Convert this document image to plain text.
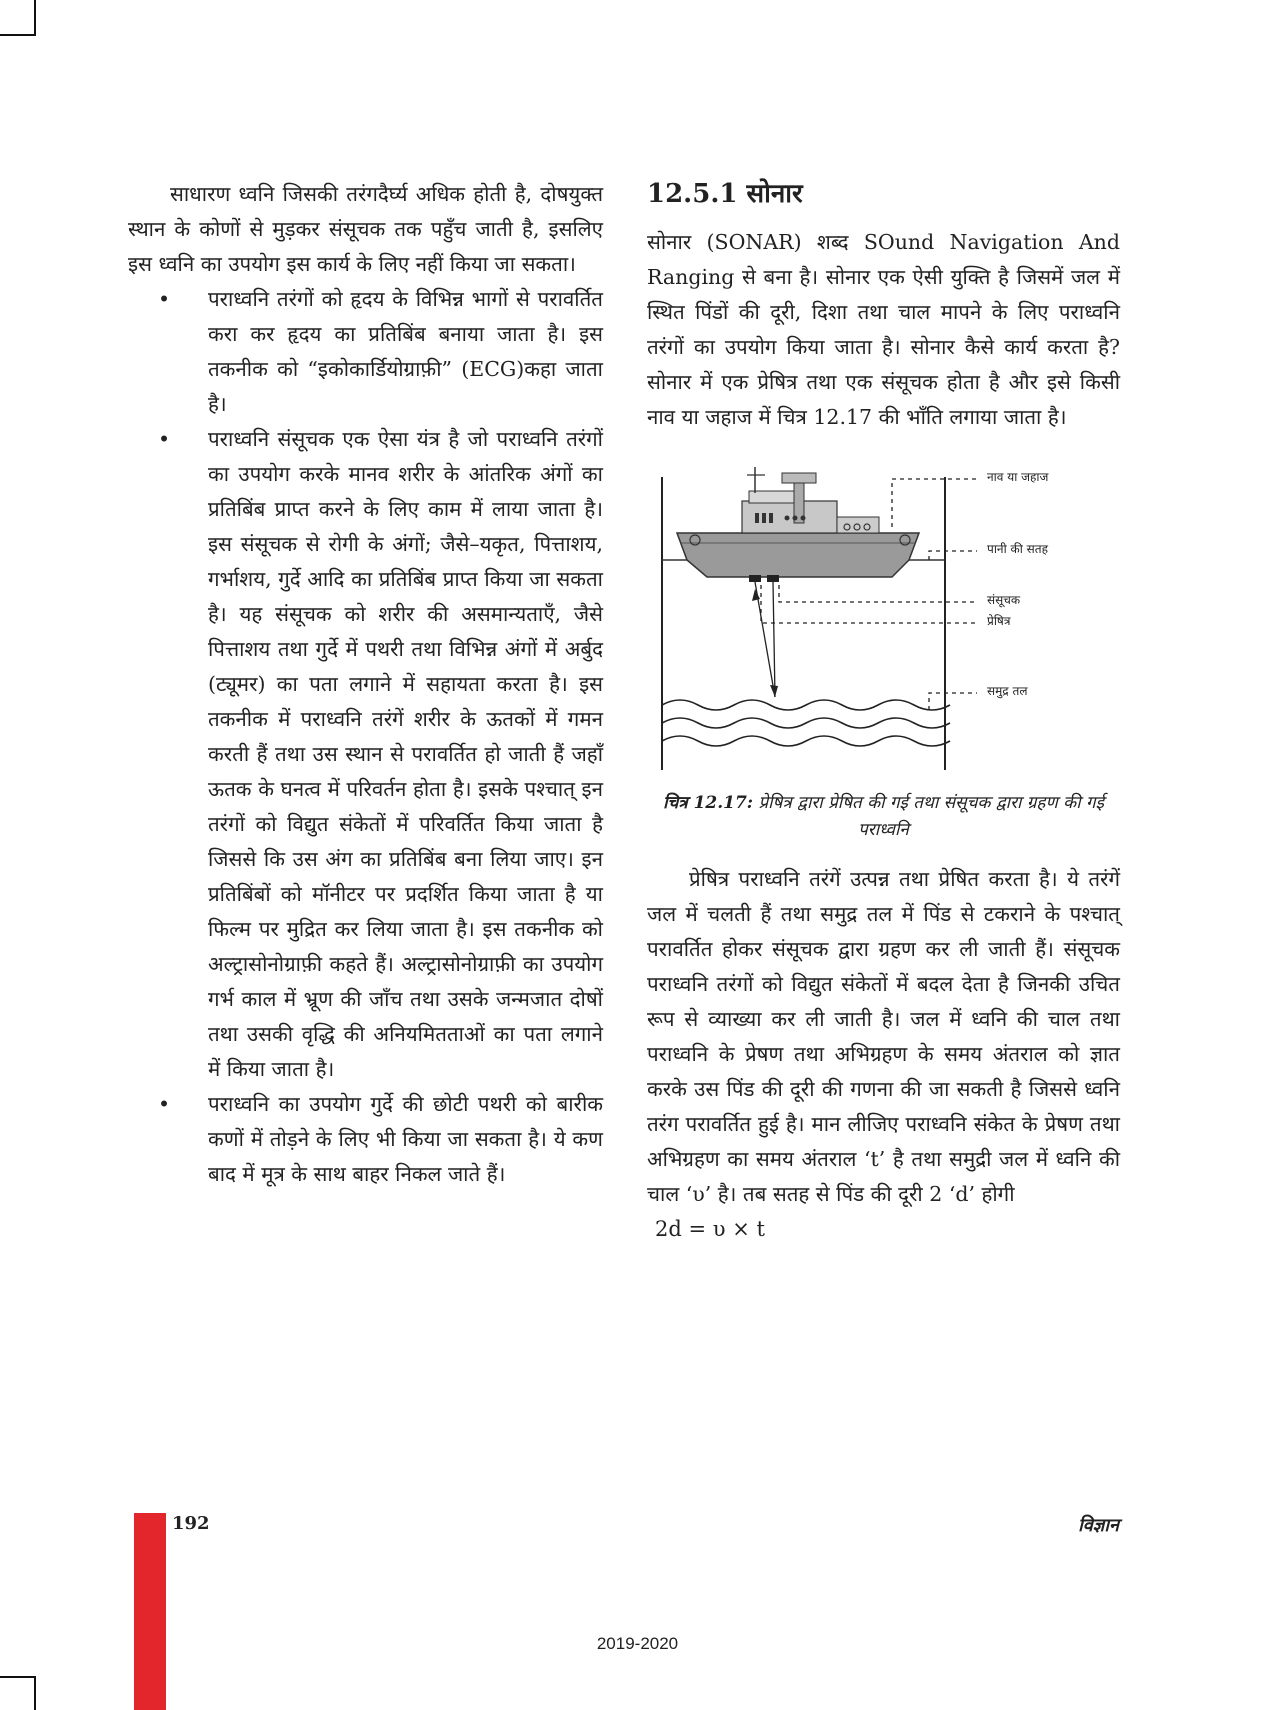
साधारण ध्वनि जिसकी तरंगदैर्घ्य अधिक होती है, दोषयुक्त स्थान के कोणों से मुड़कर संसूचक तक पहुँच जाती है, इसलिए इस ध्वनि का उपयोग इस कार्य के लिए नहीं किया जा सकता।

• पराध्वनि तरंगों को हृदय के विभिन्न भागों से परावर्तित करा कर हृदय का प्रतिबिंब बनाया जाता है। इस तकनीक को “इकोकार्डियोग्राफ़ी” (ECG)कहा जाता है।
• पराध्वनि संसूचक एक ऐसा यंत्र है जो पराध्वनि तरंगों का उपयोग करके मानव शरीर के आंतरिक अंगों का प्रतिबिंब प्राप्त करने के लिए काम में लाया जाता है। इस संसूचक से रोगी के अंगों; जैसे–यकृत, पित्ताशय, गर्भाशय, गुर्दे आदि का प्रतिबिंब प्राप्त किया जा सकता है। यह संसूचक को शरीर की असमान्यताएँ, जैसे पित्ताशय तथा गुर्दे में पथरी तथा विभिन्न अंगों में अर्बुद (ट्यूमर) का पता लगाने में सहायता करता है। इस तकनीक में पराध्वनि तरंगें शरीर के ऊतकों में गमन करती हैं तथा उस स्थान से परावर्तित हो जाती हैं जहाँ ऊतक के घनत्व में परिवर्तन होता है। इसके पश्चात् इन तरंगों को विद्युत संकेतों में परिवर्तित किया जाता है जिससे कि उस अंग का प्रतिबिंब बना लिया जाए। इन प्रतिबिंबों को मॉनीटर पर प्रदर्शित किया जाता है या फिल्म पर मुद्रित कर लिया जाता है। इस तकनीक को अल्ट्रासोनोग्राफ़ी कहते हैं। अल्ट्रासोनोग्राफ़ी का उपयोग गर्भ काल में भ्रूण की जाँच तथा उसके जन्मजात दोषों तथा उसकी वृद्धि की अनियमितताओं का पता लगाने में किया जाता है।
• पराध्वनि का उपयोग गुर्दे की छोटी पथरी को बारीक कणों में तोड़ने के लिए भी किया जा सकता है। ये कण बाद में मूत्र के साथ बाहर निकल जाते हैं।
12.5.1 सोनार

सोनार (SONAR) शब्द SOund Navigation And Ranging से बना है। सोनार एक ऐसी युक्ति है जिसमें जल में स्थित पिंडों की दूरी, दिशा तथा चाल मापने के लिए पराध्वनि तरंगों का उपयोग किया जाता है। सोनार कैसे कार्य करता है? सोनार में एक प्रेषित्र तथा एक संसूचक होता है और इसे किसी नाव या जहाज में चित्र 12.17 की भाँति लगाया जाता है।

नाव या जहाज
पानी की सतह
संसूचक
प्रेषित्र
समुद्र तल

चित्र 12.17: प्रेषित्र द्वारा प्रेषित की गई तथा संसूचक द्वारा ग्रहण की गई पराध्वनि

प्रेषित्र पराध्वनि तरंगें उत्पन्न तथा प्रेषित करता है। ये तरंगें जल में चलती हैं तथा समुद्र तल में पिंड से टकराने के पश्चात् परावर्तित होकर संसूचक द्वारा ग्रहण कर ली जाती हैं। संसूचक पराध्वनि तरंगों को विद्युत संकेतों में बदल देता है जिनकी उचित रूप से व्याख्या कर ली जाती है। जल में ध्वनि की चाल तथा पराध्वनि के प्रेषण तथा अभिग्रहण के समय अंतराल को ज्ञात करके उस पिंड की दूरी की गणना की जा सकती है जिससे ध्वनि तरंग परावर्तित हुई है। मान लीजिए पराध्वनि संकेत के प्रेषण तथा अभिग्रहण का समय अंतराल ‘t’ है तथा समुद्री जल में ध्वनि की चाल ‘υ’ है। तब सतह से पिंड की दूरी 2 ‘d’ होगी

2d = υ × t
192	विज्ञान
2019-2020
